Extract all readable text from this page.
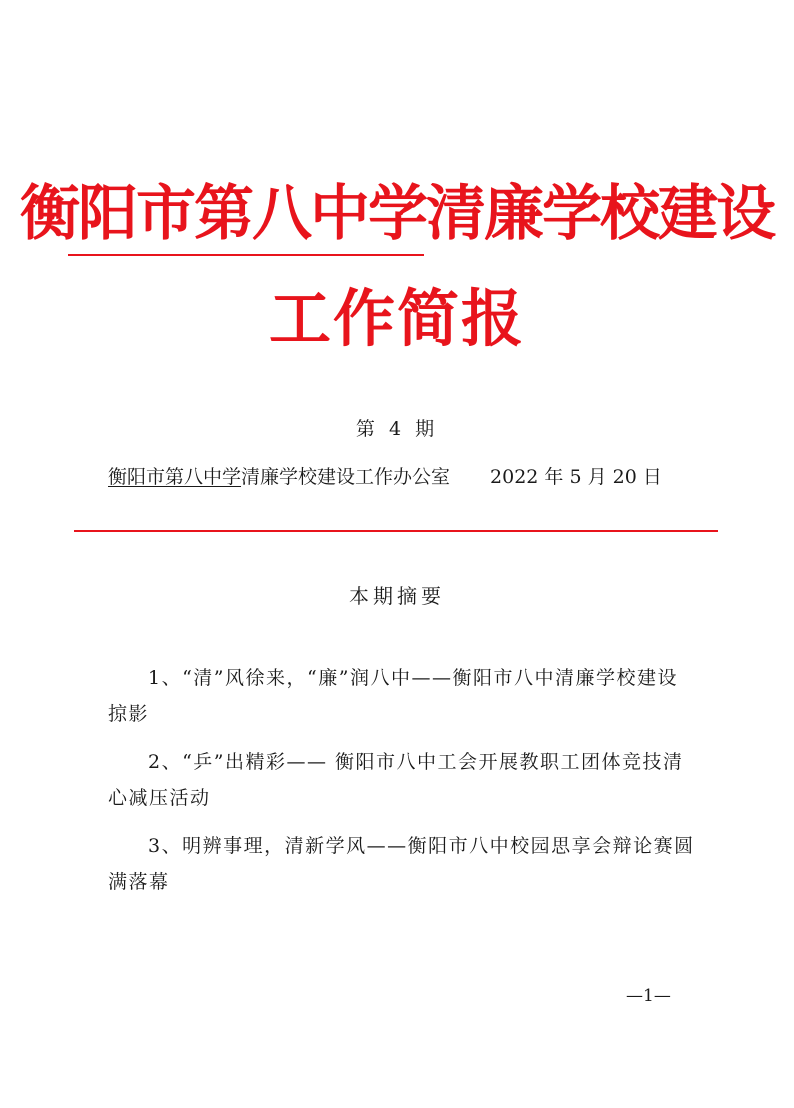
衡阳市第八中学清廉学校建设
工作简报
第 4 期
衡阳市第八中学清廉学校建设工作办公室 2022 年 5 月 20 日
本期摘要
1、“清”风徐来，“廉”润八中——衡阳市八中清廉学校建设掠影
2、“乒”出精彩—— 衡阳市八中工会开展教职工团体竞技清心减压活动
3、明辨事理，清新学风——衡阳市八中校园思享会辩论赛圆满落幕
—1—
